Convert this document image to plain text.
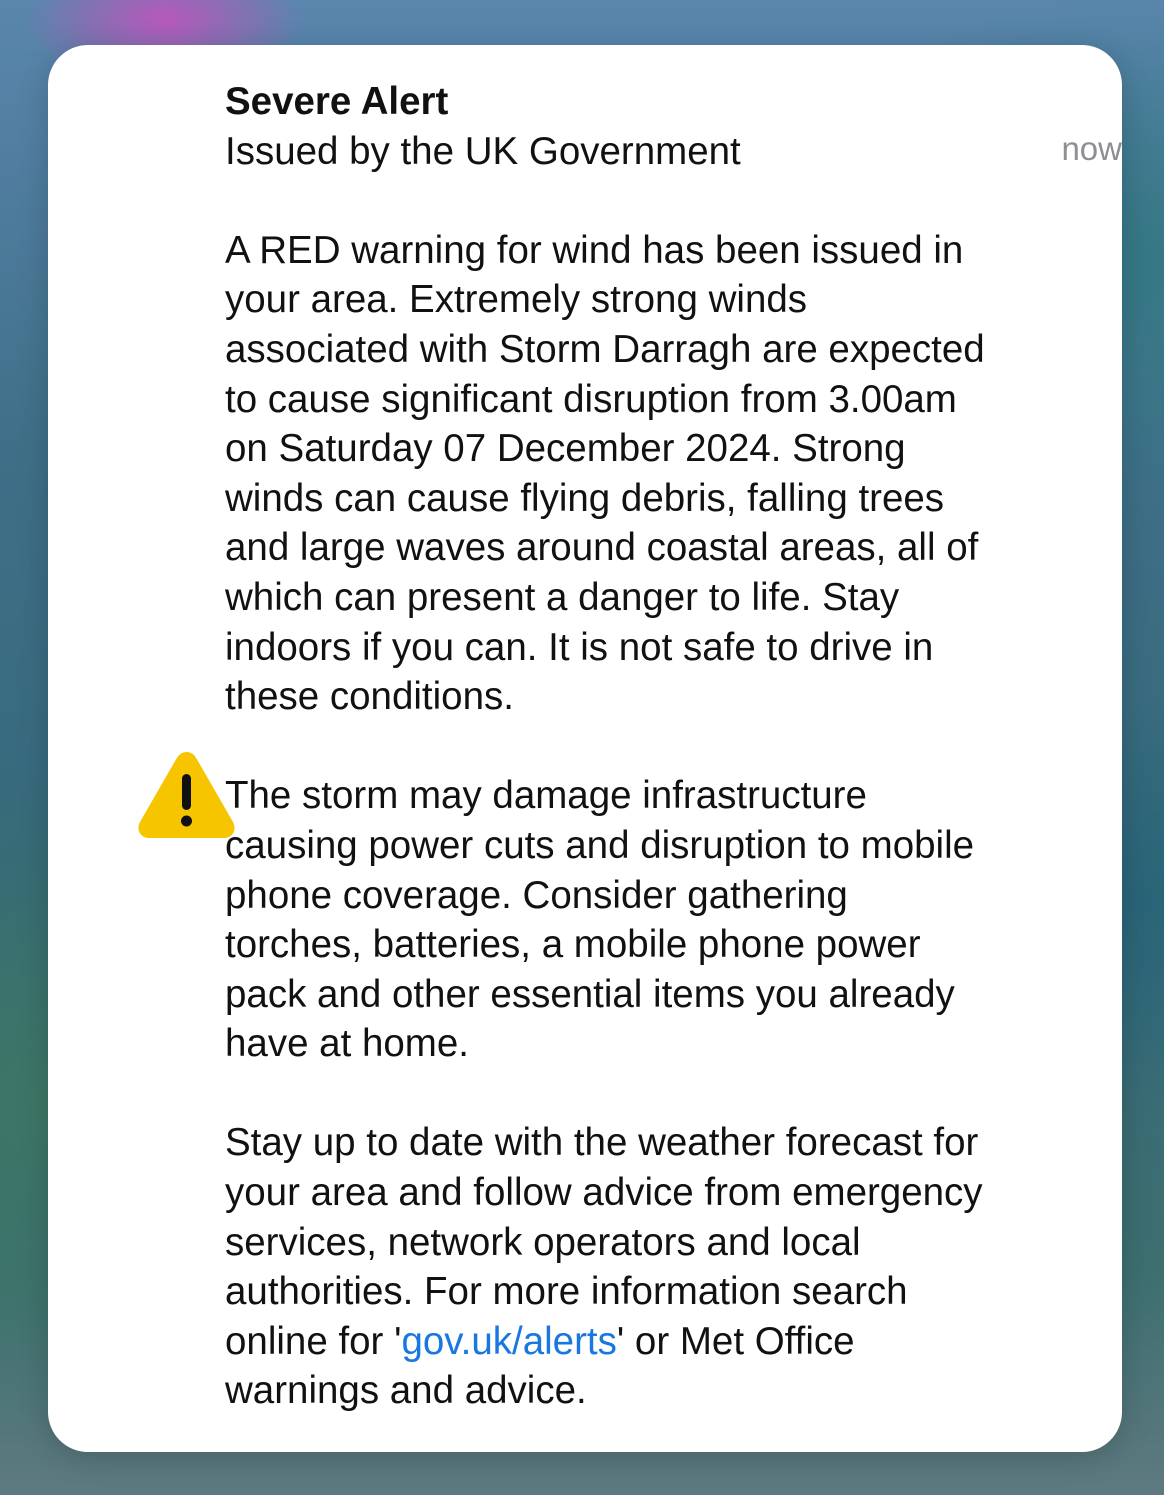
now
Severe Alert
Issued by the UK Government
A RED warning for wind has been issued in
your area. Extremely strong winds
associated with Storm Darragh are expected
to cause significant disruption from 3.00am
on Saturday 07 December 2024. Strong
winds can cause flying debris, falling trees
and large waves around coastal areas, all of
which can present a danger to life. Stay
indoors if you can. It is not safe to drive in
these conditions.
The storm may damage infrastructure
causing power cuts and disruption to mobile
phone coverage. Consider gathering
torches, batteries, a mobile phone power
pack and other essential items you already
have at home.
Stay up to date with the weather forecast for
your area and follow advice from emergency
services, network operators and local
authorities. For more information search
online for 'gov.uk/alerts' or Met Office
warnings and advice.
